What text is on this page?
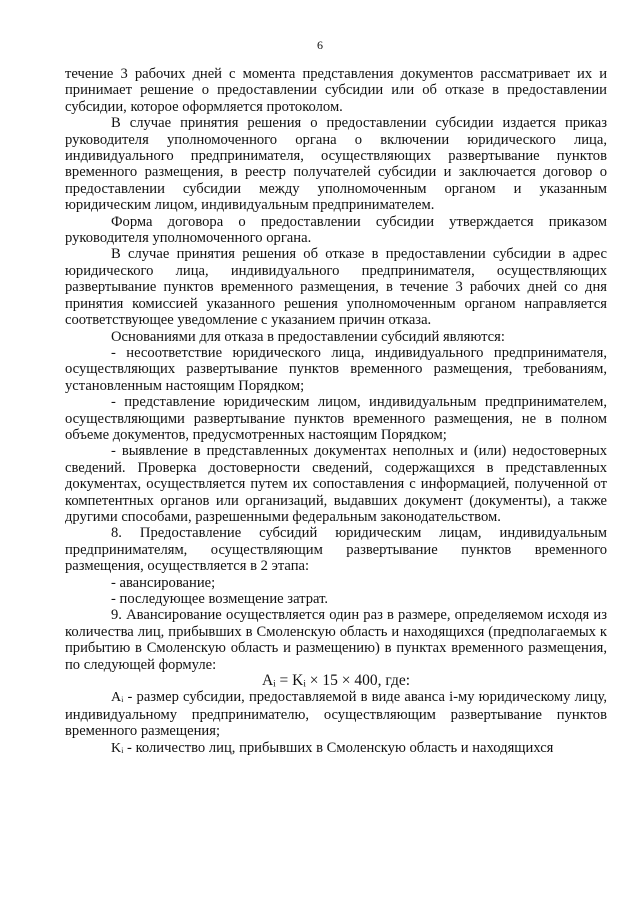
6

течение 3 рабочих дней с момента представления документов рассматривает их и принимает решение о предоставлении субсидии или об отказе в предоставлении субсидии, которое оформляется протоколом.

В случае принятия решения о предоставлении субсидии издается приказ руководителя уполномоченного органа о включении юридического лица, индивидуального предпринимателя, осуществляющих развертывание пунктов временного размещения, в реестр получателей субсидии и заключается договор о предоставлении субсидии между уполномоченным органом и указанным юридическим лицом, индивидуальным предпринимателем.

Форма договора о предоставлении субсидии утверждается приказом руководителя уполномоченного органа.

В случае принятия решения об отказе в предоставлении субсидии в адрес юридического лица, индивидуального предпринимателя, осуществляющих развертывание пунктов временного размещения, в течение 3 рабочих дней со дня принятия комиссией указанного решения уполномоченным органом направляется соответствующее уведомление с указанием причин отказа.

Основаниями для отказа в предоставлении субсидий являются:

- несоответствие юридического лица, индивидуального предпринимателя, осуществляющих развертывание пунктов временного размещения, требованиям, установленным настоящим Порядком;

- представление юридическим лицом, индивидуальным предпринимателем, осуществляющими развертывание пунктов временного размещения, не в полном объеме документов, предусмотренных настоящим Порядком;

- выявление в представленных документах неполных и (или) недостоверных сведений. Проверка достоверности сведений, содержащихся в представленных документах, осуществляется путем их сопоставления с информацией, полученной от компетентных органов или организаций, выдавших документ (документы), а также другими способами, разрешенными федеральным законодательством.

8. Предоставление субсидий юридическим лицам, индивидуальным предпринимателям, осуществляющим развертывание пунктов временного размещения, осуществляется в 2 этапа:

- авансирование;

- последующее возмещение затрат.

9. Авансирование осуществляется один раз в размере, определяемом исходя из количества лиц, прибывших в Смоленскую область и находящихся (предполагаемых к прибытию в Смоленскую область и размещению) в пунктах временного размещения, по следующей формуле:

Aᵢ = Kᵢ × 15 × 400, где:

Aᵢ - размер субсидии, предоставляемой в виде аванса i-му юридическому лицу, индивидуальному предпринимателю, осуществляющим развертывание пунктов временного размещения;

Kᵢ - количество лиц, прибывших в Смоленскую область и находящихся
